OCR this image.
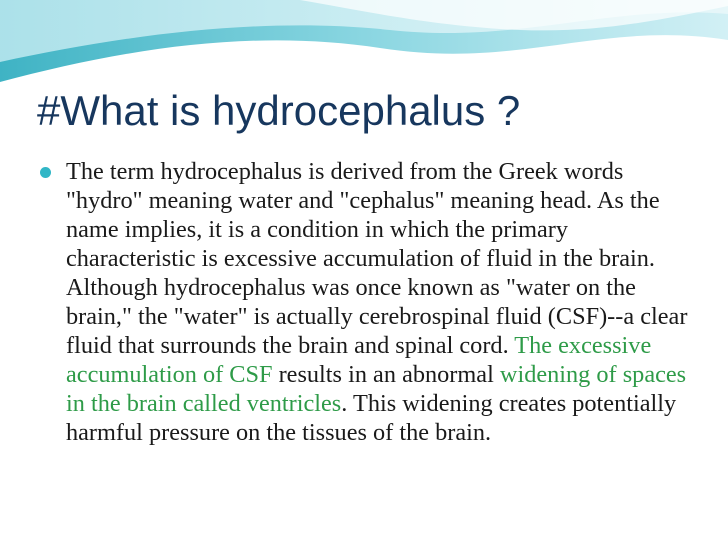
#What is hydrocephalus ?

The term hydrocephalus is derived from the Greek words "hydro" meaning water and "cephalus" meaning head. As the name implies, it is a condition in which the primary characteristic is excessive accumulation of fluid in the brain. Although hydrocephalus was once known as "water on the brain," the "water" is actually cerebrospinal fluid (CSF)--a clear fluid that surrounds the brain and spinal cord. The excessive accumulation of CSF results in an abnormal widening of spaces in the brain called ventricles. This widening creates potentially harmful pressure on the tissues of the brain.
